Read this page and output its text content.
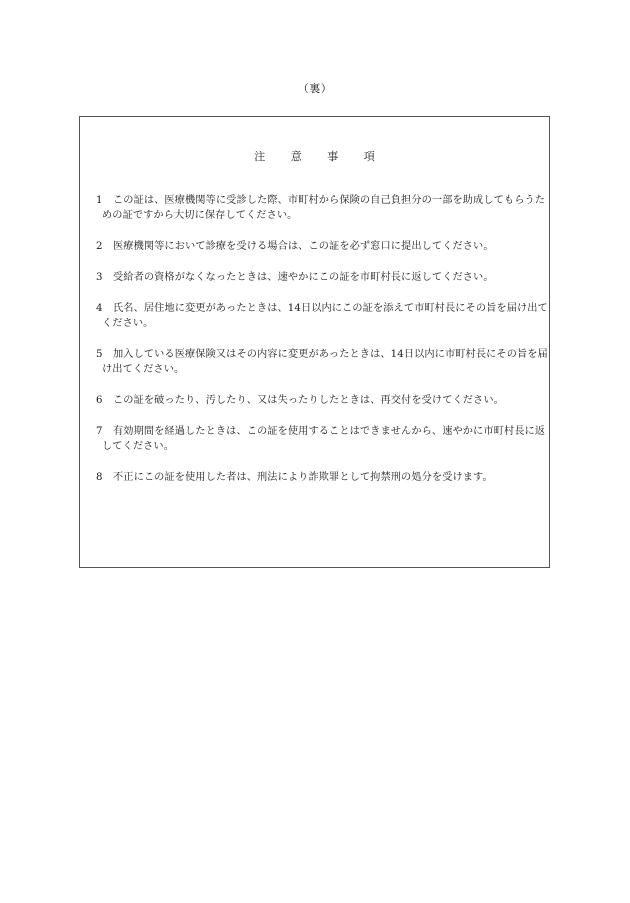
（裏）
注 意 事 項
1 この証は、医療機関等に受診した際、市町村から保険の自己負担分の一部を助成してもらうための証ですから大切に保存してください。
2 医療機関等において診療を受ける場合は、この証を必ず窓口に提出してください。
3 受給者の資格がなくなったときは、速やかにこの証を市町村長に返してください。
4 氏名、居住地に変更があったときは、14日以内にこの証を添えて市町村長にその旨を届け出てください。
5 加入している医療保険又はその内容に変更があったときは、14日以内に市町村長にその旨を届け出てください。
6 この証を破ったり、汚したり、又は失ったりしたときは、再交付を受けてください。
7 有効期間を経過したときは、この証を使用することはできませんから、速やかに市町村長に返してください。
8 不正にこの証を使用した者は、刑法により詐欺罪として拘禁刑の処分を受けます。
